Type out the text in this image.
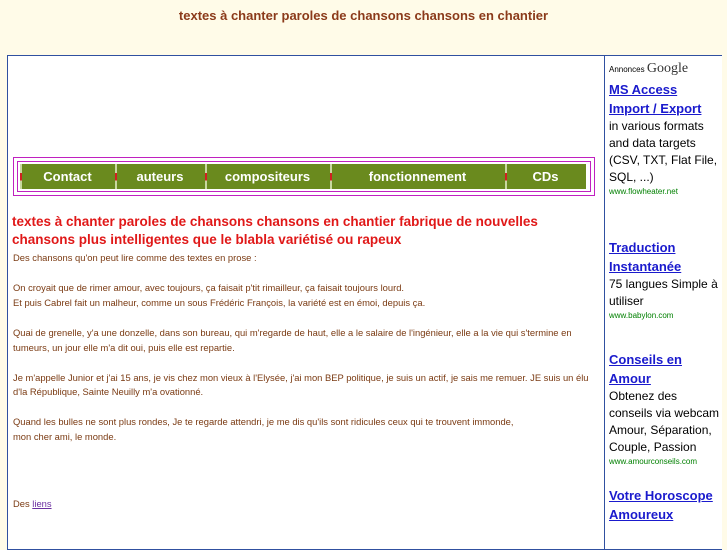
textes à chanter paroles de chansons chansons en chantier
Contact	auteurs	compositeurs	fonctionnement	CDs
textes à chanter paroles de chansons chansons en chantier fabrique de nouvelles chansons plus intelligentes que le blabla variétisé ou rapeux

Des chansons qu'on peut lire comme des textes en prose :

On croyait que de rimer amour, avec toujours, ça faisait p'tit rimailleur, ça faisait toujours lourd.

Et puis Cabrel fait un malheur, comme un sous Frédéric François, la variété est en émoi, depuis ça.

Quai de grenelle, y'a une donzelle, dans son bureau, qui m'regarde de haut, elle a le salaire de l'ingénieur, elle a la vie qui s'termine en tumeurs, un jour elle m'a dit oui, puis elle est repartie.

Je m'appelle Junior et j'ai 15 ans, je vis chez mon vieux à l'Elysée, j'ai mon BEP politique, je suis un actif, je sais me remuer. JE suis un élu d'la République, Sainte Neuilly m'a ovationné.

Quand les bulles ne sont plus rondes, Je te regarde attendri, je me dis qu'ils sont ridicules ceux qui te trouvent immonde,

mon cher ami, le monde.

Des liens
Annonces Google
MS Access Import / Export
in various formats and data targets (CSV, TXT, Flat File, SQL, ...)
www.flowheater.net
Traduction Instantanée
75 langues Simple à utiliser
www.babylon.com
Conseils en Amour
Obtenez des conseils via webcam Amour, Séparation, Couple, Passion
www.amourconseils.com
Votre Horoscope Amoureux
